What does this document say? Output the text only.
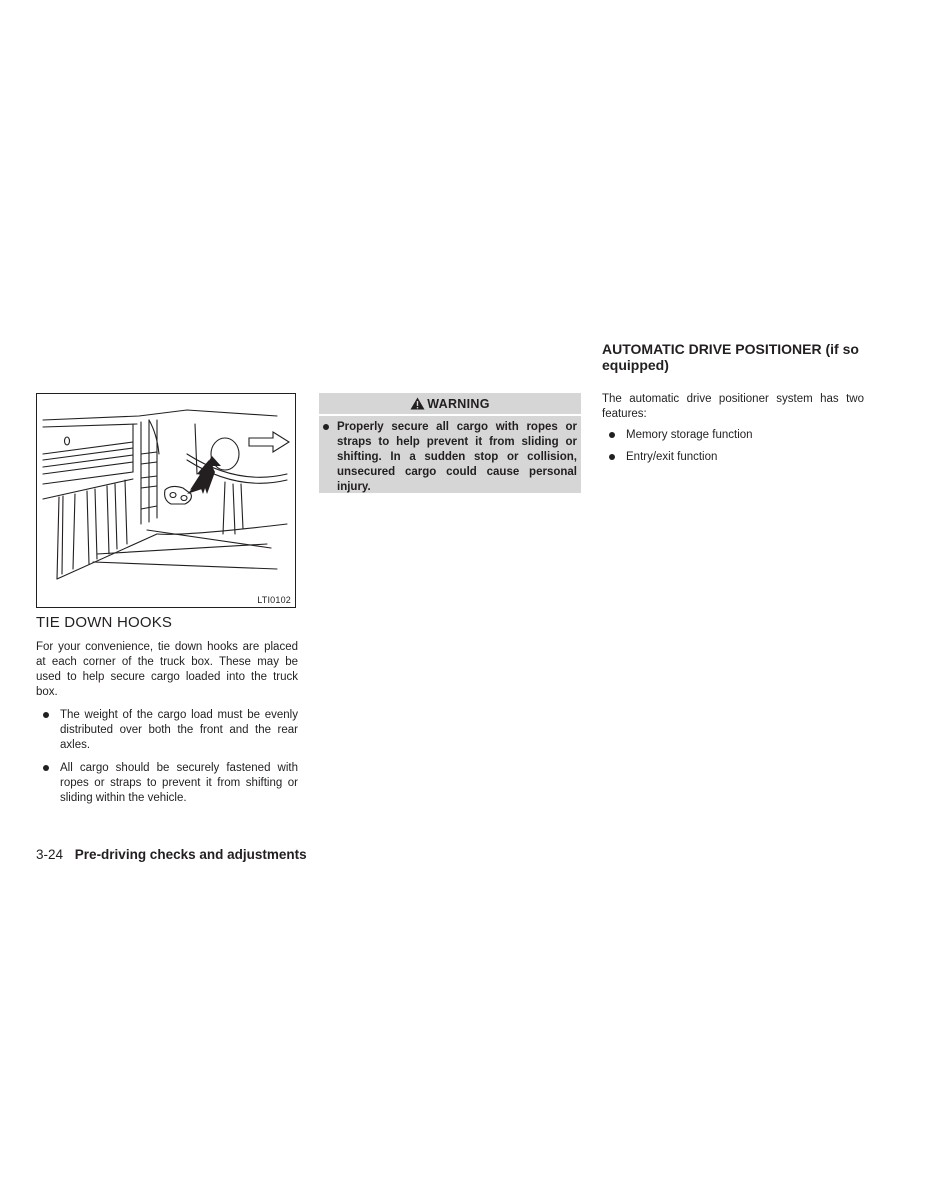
LTI0102
TIE DOWN HOOKS

For your convenience, tie down hooks are placed at each corner of the truck box. These may be used to help secure cargo loaded into the truck box.

The weight of the cargo load must be evenly distributed over both the front and the rear axles.
All cargo should be securely fastened with ropes or straps to prevent it from shifting or sliding within the vehicle.
WARNING
Properly secure all cargo with ropes or straps to help prevent it from sliding or shifting. In a sudden stop or collision, unsecured cargo could cause personal injury.
AUTOMATIC DRIVE POSITIONER (if so equipped)

The automatic drive positioner system has two features:

Memory storage function
Entry/exit function
3-24 Pre-driving checks and adjustments
